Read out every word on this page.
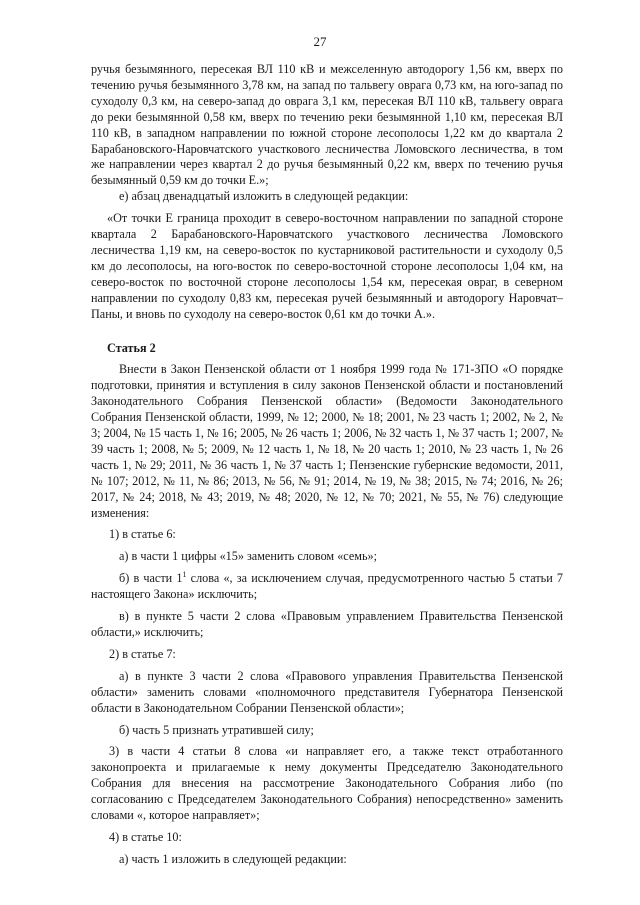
27

ручья безымянного, пересекая ВЛ 110 кВ и межселенную автодорогу 1,56 км, вверх по течению ручья безымянного 3,78 км, на запад по тальвегу оврага 0,73 км, на юго-запад по суходолу 0,3 км, на северо-запад до оврага 3,1 км, пересекая ВЛ 110 кВ, тальвегу оврага до реки безымянной 0,58 км, вверх по течению реки безымянной 1,10 км, пересекая ВЛ 110 кВ, в западном направлении по южной стороне лесополосы 1,22 км до квартала 2 Барабановского-Наровчатского участкового лесничества Ломовского лесничества, в том же направлении через квартал 2 до ручья безымянный 0,22 км, вверх по течению ручья безымянный 0,59 км до точки Е.»;

е) абзац двенадцатый изложить в следующей редакции:

«От точки Е граница проходит в северо-восточном направлении по западной стороне квартала 2 Барабановского-Наровчатского участкового лесничества Ломовского лесничества 1,19 км, на северо-восток по кустарниковой растительности и суходолу 0,5 км до лесополосы, на юго-восток по северо-восточной стороне лесополосы 1,04 км, на северо-восток по восточной стороне лесополосы 1,54 км, пересекая овраг, в северном направлении по суходолу 0,83 км, пересекая ручей безымянный и автодорогу Наровчат–Паны, и вновь по суходолу на северо-восток 0,61 км до точки А.».

Статья 2

Внести в Закон Пензенской области от 1 ноября 1999 года № 171-ЗПО «О порядке подготовки, принятия и вступления в силу законов Пензенской области и постановлений Законодательного Собрания Пензенской области» (Ведомости Законодательного Собрания Пензенской области, 1999, № 12; 2000, № 18; 2001, № 23 часть 1; 2002, № 2, № 3; 2004, № 15 часть 1, № 16; 2005, № 26 часть 1; 2006, № 32 часть 1, № 37 часть 1; 2007, № 39 часть 1; 2008, № 5; 2009, № 12 часть 1, № 18, № 20 часть 1; 2010, № 23 часть 1, № 26 часть 1, № 29; 2011, № 36 часть 1, № 37 часть 1; Пензенские губернские ведомости, 2011, № 107; 2012, № 11, № 86; 2013, № 56, № 91; 2014, № 19, № 38; 2015, № 74; 2016, № 26; 2017, № 24; 2018, № 43; 2019, № 48; 2020, № 12, № 70; 2021, № 55, № 76) следующие изменения:

1) в статье 6:

а) в части 1 цифры «15» заменить словом «семь»;

б) в части $1^1$ слова «, за исключением случая, предусмотренного частью 5 статьи 7 настоящего Закона» исключить;

в) в пункте 5 части 2 слова «Правовым управлением Правительства Пензенской области,» исключить;

2) в статье 7:

а) в пункте 3 части 2 слова «Правового управления Правительства Пензенской области» заменить словами «полномочного представителя Губернатора Пензенской области в Законодательном Собрании Пензенской области»;

б) часть 5 признать утратившей силу;

3) в части 4 статьи 8 слова «и направляет его, а также текст отработанного законопроекта и прилагаемые к нему документы Председателю Законодательного Собрания для внесения на рассмотрение Законодательного Собрания либо (по согласованию с Председателем Законодательного Собрания) непосредственно» заменить словами «, которое направляет»;

4) в статье 10:

а) часть 1 изложить в следующей редакции:
